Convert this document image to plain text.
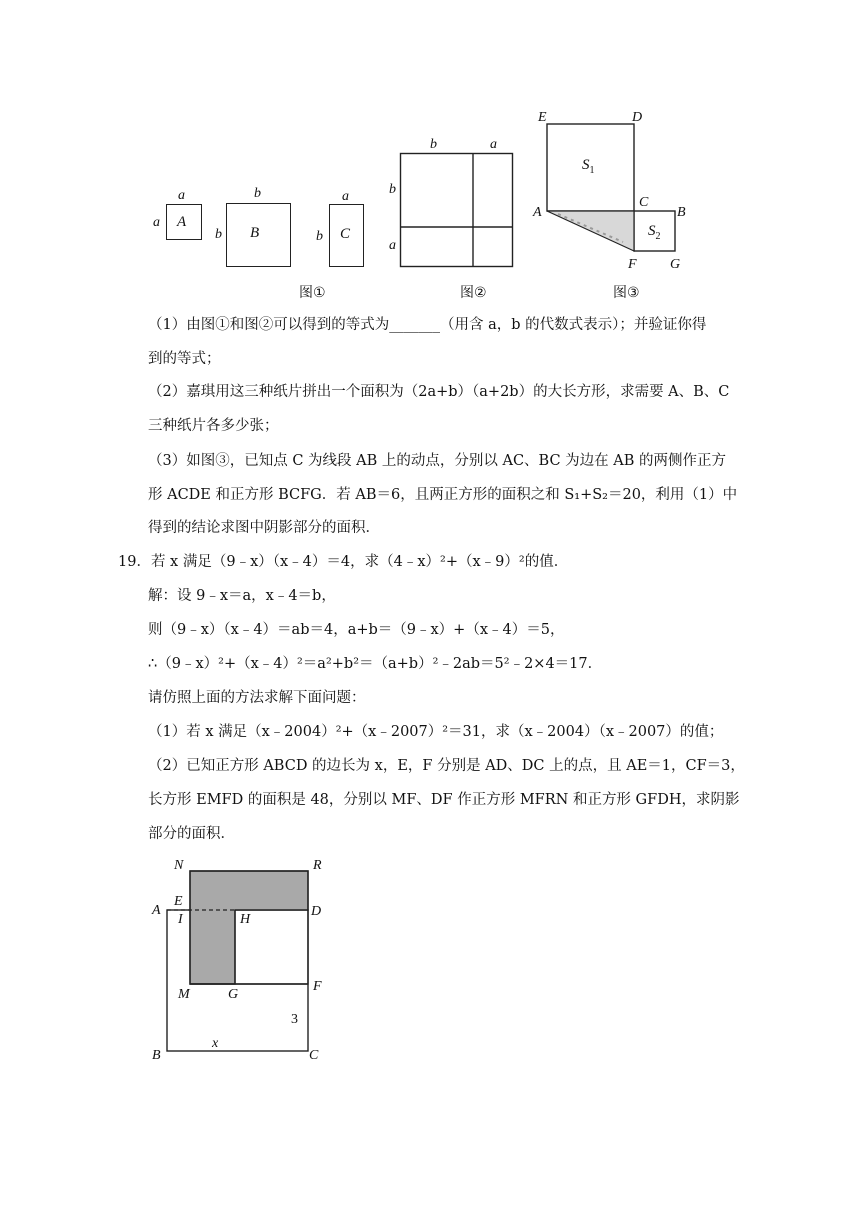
a
a A
b
b B
a
b C
图①
b	a
b
a
图②
E	D
A
C
B
F G
$S_1$
$S_2$
图③
（1）由图①和图②可以得到的等式为_______（用含 a，b 的代数式表示）；并验证你得
到的等式；
（2）嘉琪用这三种纸片拼出一个面积为（2a+b）（a+2b）的大长方形，求需要 A、B、C
三种纸片各多少张；
（3）如图③，已知点 C 为线段 AB 上的动点，分别以 AC、BC 为边在 AB 的两侧作正方
形 ACDE 和正方形 BCFG．若 AB＝6，且两正方形的面积之和 S₁+S₂＝20，利用（1）中
得到的结论求图中阴影部分的面积．
19．若 x 满足（9﹣x）（x﹣4）＝4，求（4﹣x）²+（x﹣9）²的值．
解：设 9﹣x＝a，x﹣4＝b，
则（9﹣x）（x﹣4）＝ab＝4，a+b＝（9﹣x）+（x﹣4）＝5，
∴（9﹣x）²+（x﹣4）²＝a²+b²＝（a+b）²﹣2ab＝5²﹣2×4＝17．
请仿照上面的方法求解下面问题：
（1）若 x 满足（x﹣2004）²+（x﹣2007）²＝31，求（x﹣2004）（x﹣2007）的值；
（2）已知正方形 ABCD 的边长为 x，E，F 分别是 AD、DC 上的点，且 AE＝1，CF＝3，
长方形 EMFD 的面积是 48，分别以 MF、DF 作正方形 MFRN 和正方形 GFDH，求阴影
部分的面积．
N	R
A
E
I	H
D
M	G
F
3
x
B	C
